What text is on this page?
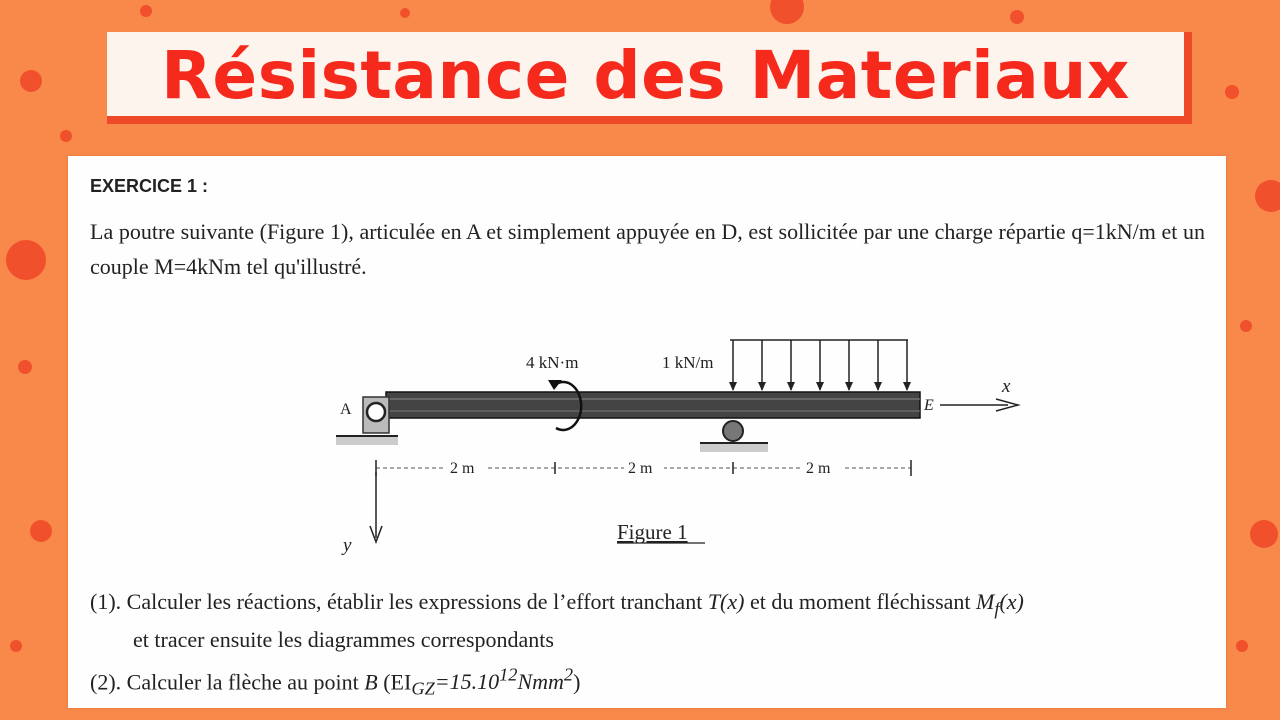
Résistance des Materiaux
EXERCICE 1 :
La poutre suivante (Figure 1), articulée en A et simplement appuyée en D, est sollicitée par une charge répartie q=1kN/m et un couple M=4kNm tel qu'illustré.
4 kN·m	1 kN/m
A	E
x
y
2 m	2 m	2 m
Figure 1
(1). Calculer les réactions, établir les expressions de l’effort tranchant T(x) et du moment fléchissant $M_f(x)$
et tracer ensuite les diagrammes correspondants
(2). Calculer la flèche au point B $(EI_{GZ}=15.10^{12}Nmm^2)$
